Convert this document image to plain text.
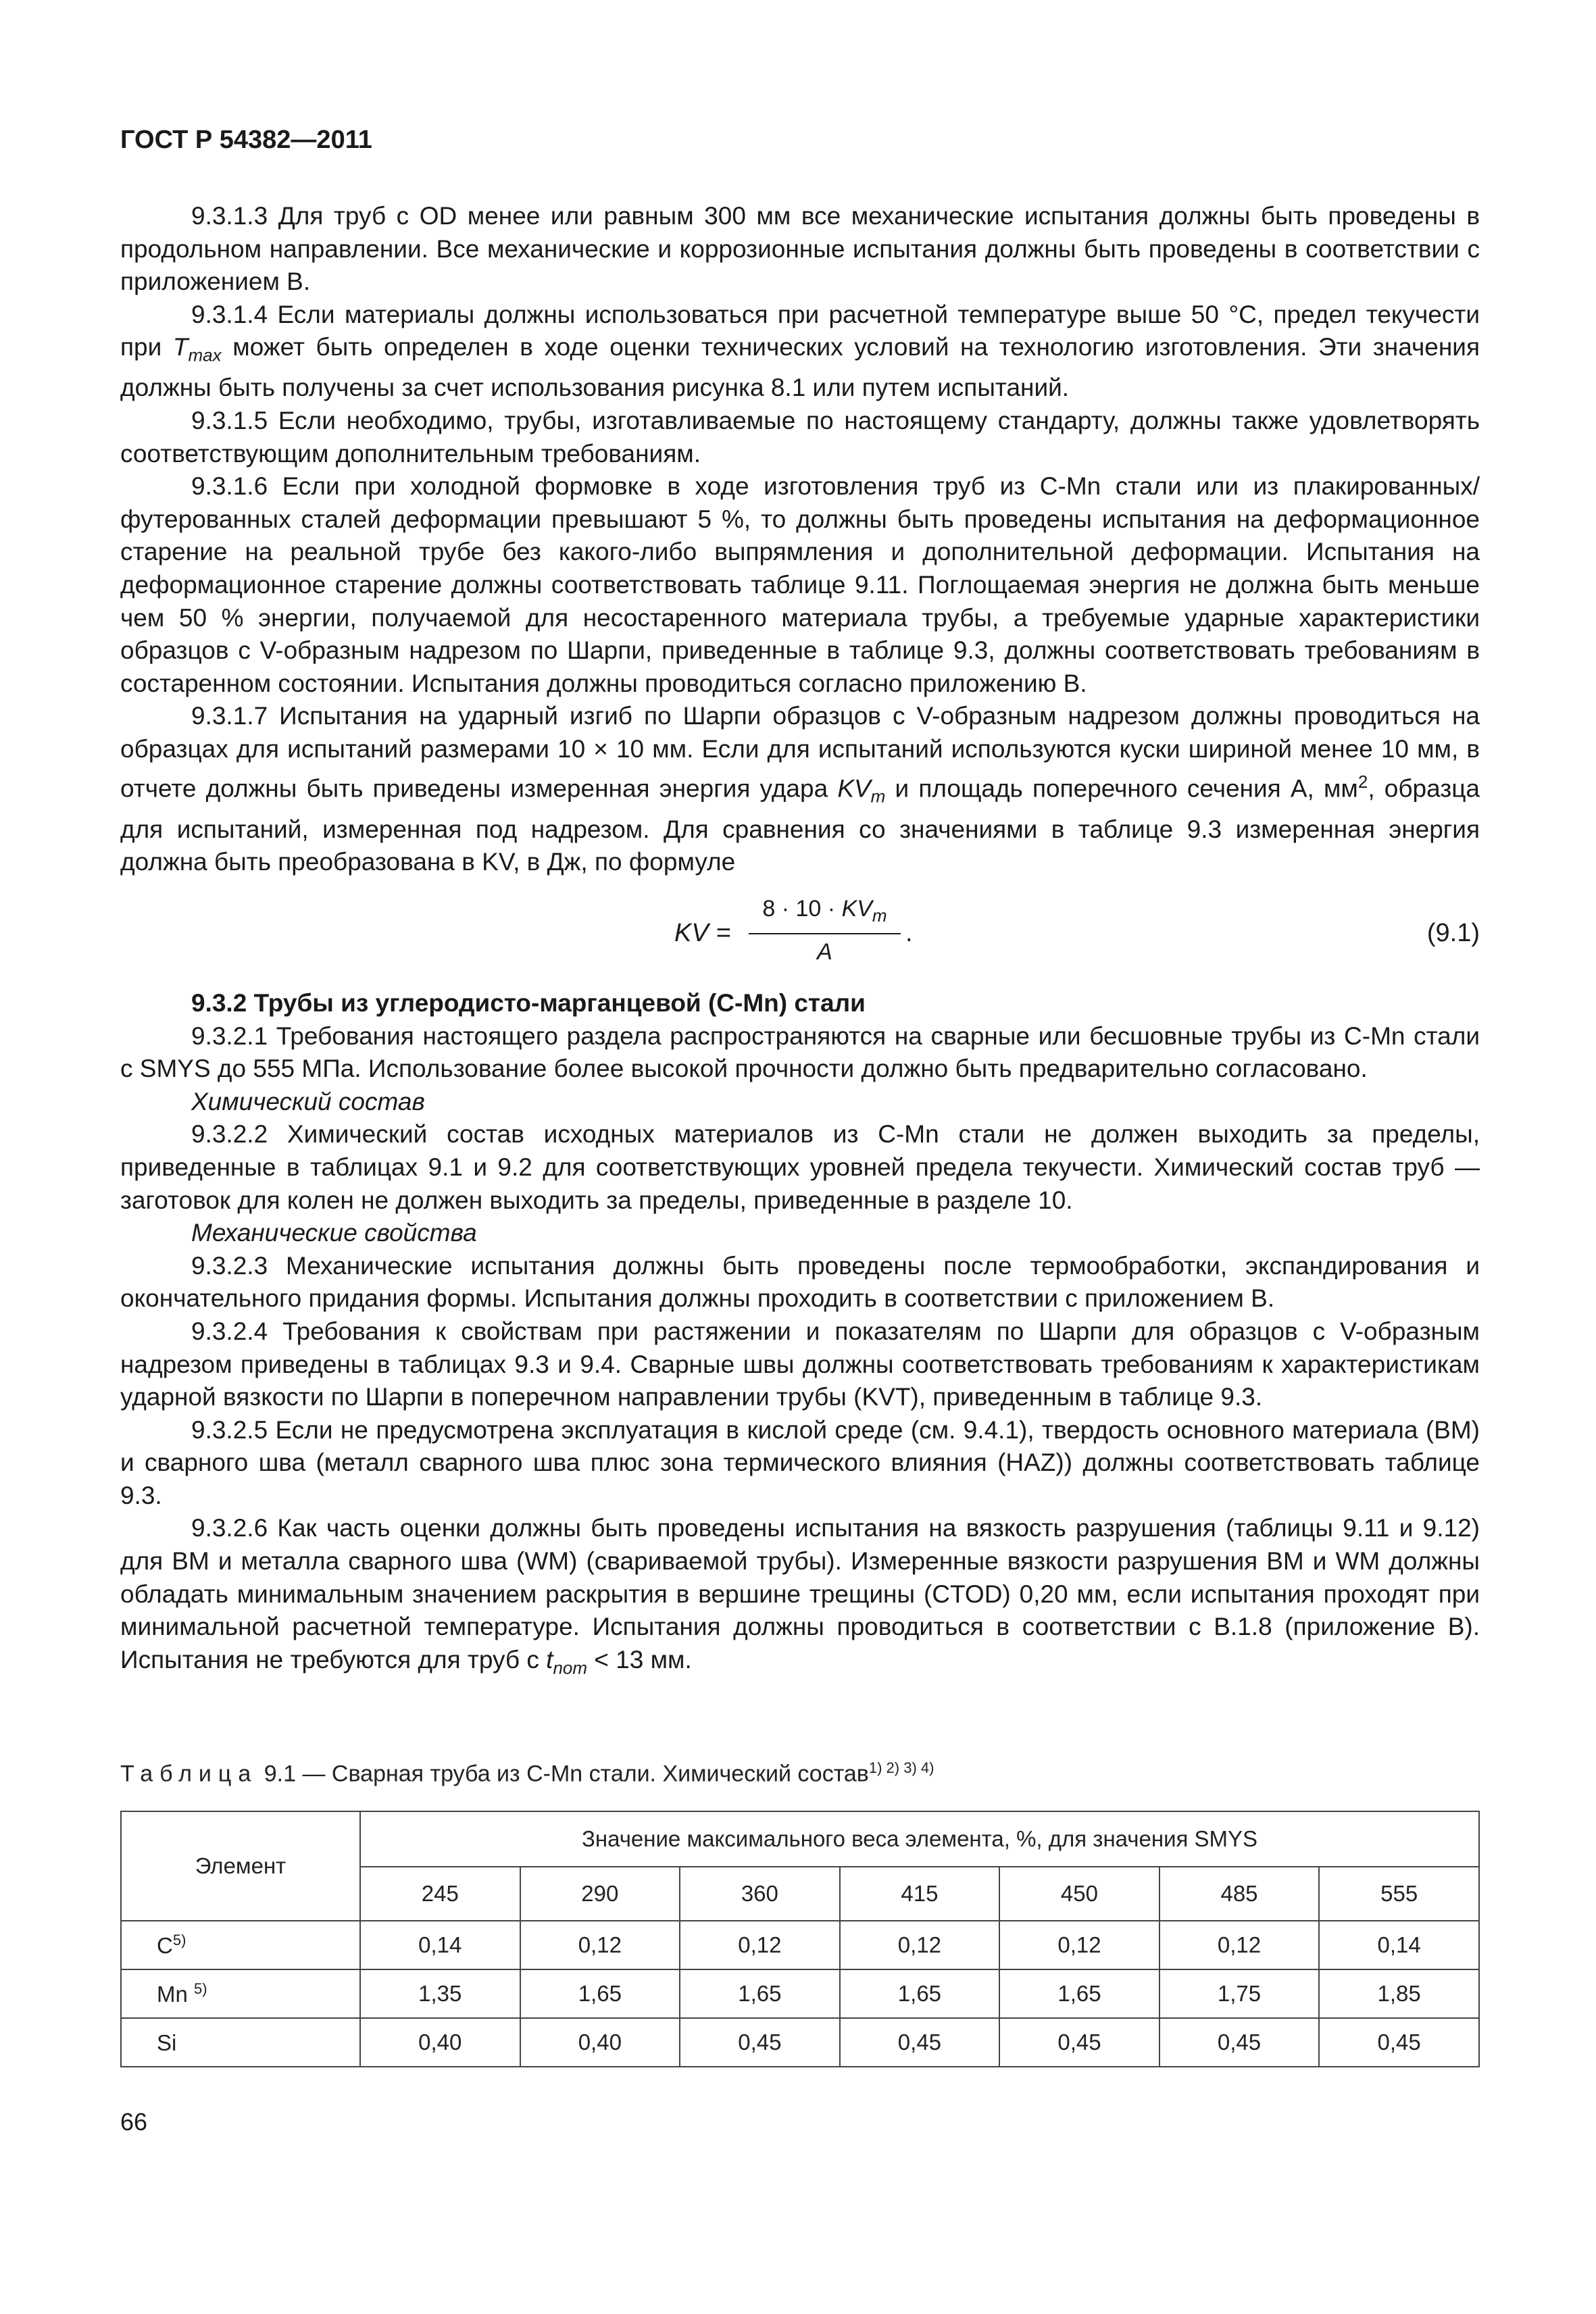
ГОСТ Р 54382—2011

9.3.1.3 Для труб с OD менее или равным 300 мм все механические испытания должны быть проведены в продольном направлении. Все механические и коррозионные испытания должны быть проведены в соответствии с приложением В.

9.3.1.4 Если материалы должны использоваться при расчетной температуре выше 50 °С, предел текучести при $T_{max}$ может быть определен в ходе оценки технических условий на технологию изготовления. Эти значения должны быть получены за счет использования рисунка 8.1 или путем испытаний.

9.3.1.5 Если необходимо, трубы, изготавливаемые по настоящему стандарту, должны также удовлетворять соответствующим дополнительным требованиям.

9.3.1.6 Если при холодной формовке в ходе изготовления труб из C-Mn стали или из плакированных/футерованных сталей деформации превышают 5 %, то должны быть проведены испытания на деформационное старение на реальной трубе без какого-либо выпрямления и дополнительной деформации. Испытания на деформационное старение должны соответствовать таблице 9.11. Поглощаемая энергия не должна быть меньше чем 50 % энергии, получаемой для несостаренного материала трубы, а требуемые ударные характеристики образцов с V-образным надрезом по Шарпи, приведенные в таблице 9.3, должны соответствовать требованиям в состаренном состоянии. Испытания должны проводиться согласно приложению В.

9.3.1.7 Испытания на ударный изгиб по Шарпи образцов с V-образным надрезом должны проводиться на образцах для испытаний размерами 10 × 10 мм. Если для испытаний используются куски шириной менее 10 мм, в отчете должны быть приведены измеренная энергия удара $KV_m$ и площадь поперечного сечения А, $мм^2$, образца для испытаний, измеренная под надрезом. Для сравнения со значениями в таблице 9.3 измеренная энергия должна быть преобразована в KV, в Дж, по формуле

KV =
$8 \cdot 10 \cdot KV_m$
A
.	(9.1)

9.3.2 Трубы из углеродисто-марганцевой (C-Mn) стали

9.3.2.1 Требования настоящего раздела распространяются на сварные или бесшовные трубы из C-Mn стали с SMYS до 555 МПа. Использование более высокой прочности должно быть предварительно согласовано.

Химический состав

9.3.2.2 Химический состав исходных материалов из C-Mn стали не должен выходить за пределы, приведенные в таблицах 9.1 и 9.2 для соответствующих уровней предела текучести. Химический состав труб — заготовок для колен не должен выходить за пределы, приведенные в разделе 10.

Механические свойства

9.3.2.3 Механические испытания должны быть проведены после термообработки, экспандирования и окончательного придания формы. Испытания должны проходить в соответствии с приложением В.

9.3.2.4 Требования к свойствам при растяжении и показателям по Шарпи для образцов с V-образным надрезом приведены в таблицах 9.3 и 9.4. Сварные швы должны соответствовать требованиям к характеристикам ударной вязкости по Шарпи в поперечном направлении трубы (KVT), приведенным в таблице 9.3.

9.3.2.5 Если не предусмотрена эксплуатация в кислой среде (см. 9.4.1), твердость основного материала (ВМ) и сварного шва (металл сварного шва плюс зона термического влияния (HAZ)) должны соответствовать таблице 9.3.

9.3.2.6 Как часть оценки должны быть проведены испытания на вязкость разрушения (таблицы 9.11 и 9.12) для ВМ и металла сварного шва (WM) (свариваемой трубы). Измеренные вязкости разрушения ВМ и WM должны обладать минимальным значением раскрытия в вершине трещины (CTOD) 0,20 мм, если испытания проходят при минимальной расчетной температуре. Испытания должны проводиться в соответствии с В.1.8 (приложение В). Испытания не требуются для труб с $t_{nom} < 13$ мм.

Таблица 9.1 — Сварная труба из C-Mn стали. Химический состав$^{1) 2) 3) 4)}$
Элемент	Значение максимального веса элемента, %, для значения SMYS						
	245	290	360	415	450	485	555
$C^{5)}$	0,14	0,12	0,12	0,12	0,12	0,12	0,14
Mn $^{5)}$	1,35	1,65	1,65	1,65	1,65	1,75	1,85
Si	0,40	0,40	0,45	0,45	0,45	0,45	0,45
66
